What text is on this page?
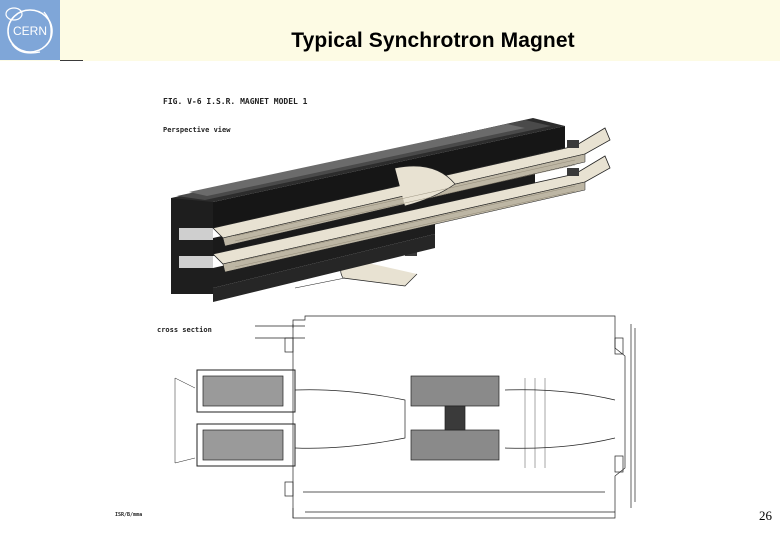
CERN	Typical Synchrotron Magnet
FIG. V-6 I.S.R. MAGNET MODEL 1
Perspective view
cross section
ISR/B/mma	26
